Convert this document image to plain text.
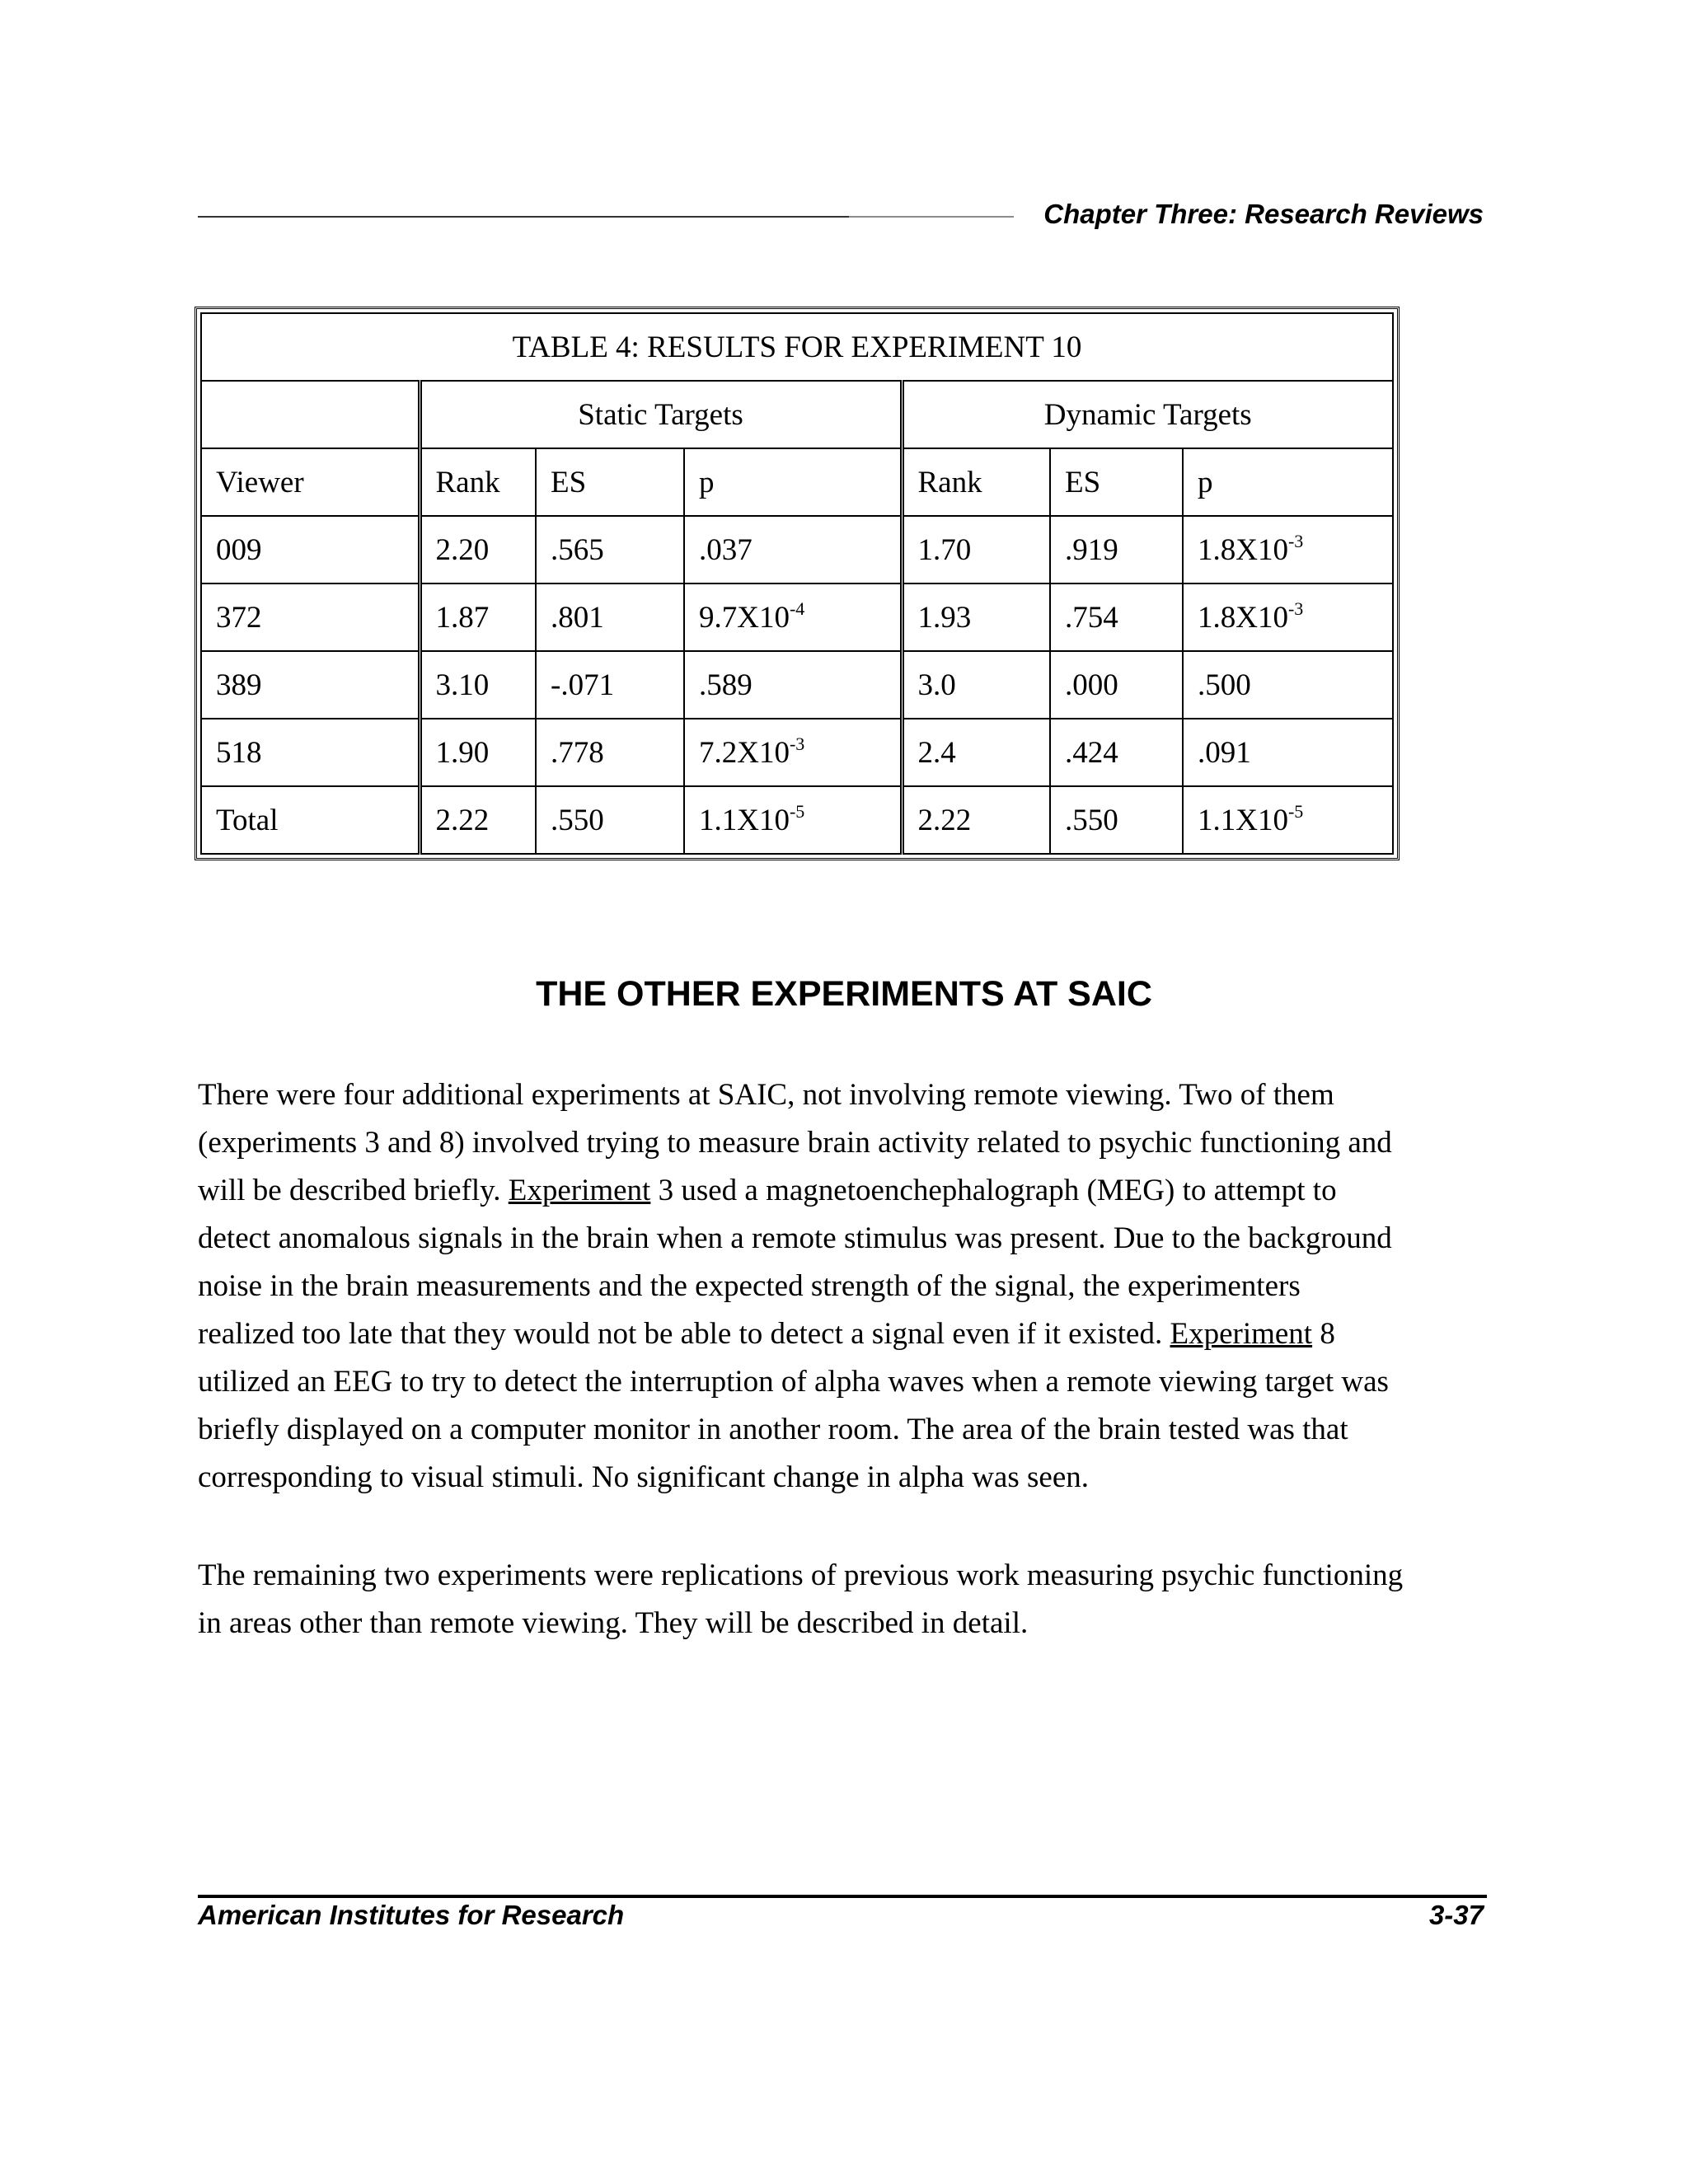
Chapter Three: Research Reviews
TABLE 4: RESULTS FOR EXPERIMENT 10						
	Static Targets			Dynamic Targets		
Viewer	Rank	ES	p	Rank	ES	p
009	2.20	.565	.037	1.70	.919	$1.8X10^{-3}$
372	1.87	.801	$9.7X10^{-4}$	1.93	.754	$1.8X10^{-3}$
389	3.10	-.071	.589	3.0	.000	.500
518	1.90	.778	$7.2X10^{-3}$	2.4	.424	.091
Total	2.22	.550	$1.1X10^{-5}$	2.22	.550	$1.1X10^{-5}$
THE OTHER EXPERIMENTS AT SAIC

There were four additional experiments at SAIC, not involving remote viewing. Two of them
(experiments 3 and 8) involved trying to measure brain activity related to psychic functioning and
will be described briefly. Experiment 3 used a magnetoenchephalograph (MEG) to attempt to
detect anomalous signals in the brain when a remote stimulus was present. Due to the background
noise in the brain measurements and the expected strength of the signal, the experimenters
realized too late that they would not be able to detect a signal even if it existed. Experiment 8
utilized an EEG to try to detect the interruption of alpha waves when a remote viewing target was
briefly displayed on a computer monitor in another room. The area of the brain tested was that
corresponding to visual stimuli. No significant change in alpha was seen.

The remaining two experiments were replications of previous work measuring psychic functioning
in areas other than remote viewing. They will be described in detail.

American Institutes for Research	3-37
